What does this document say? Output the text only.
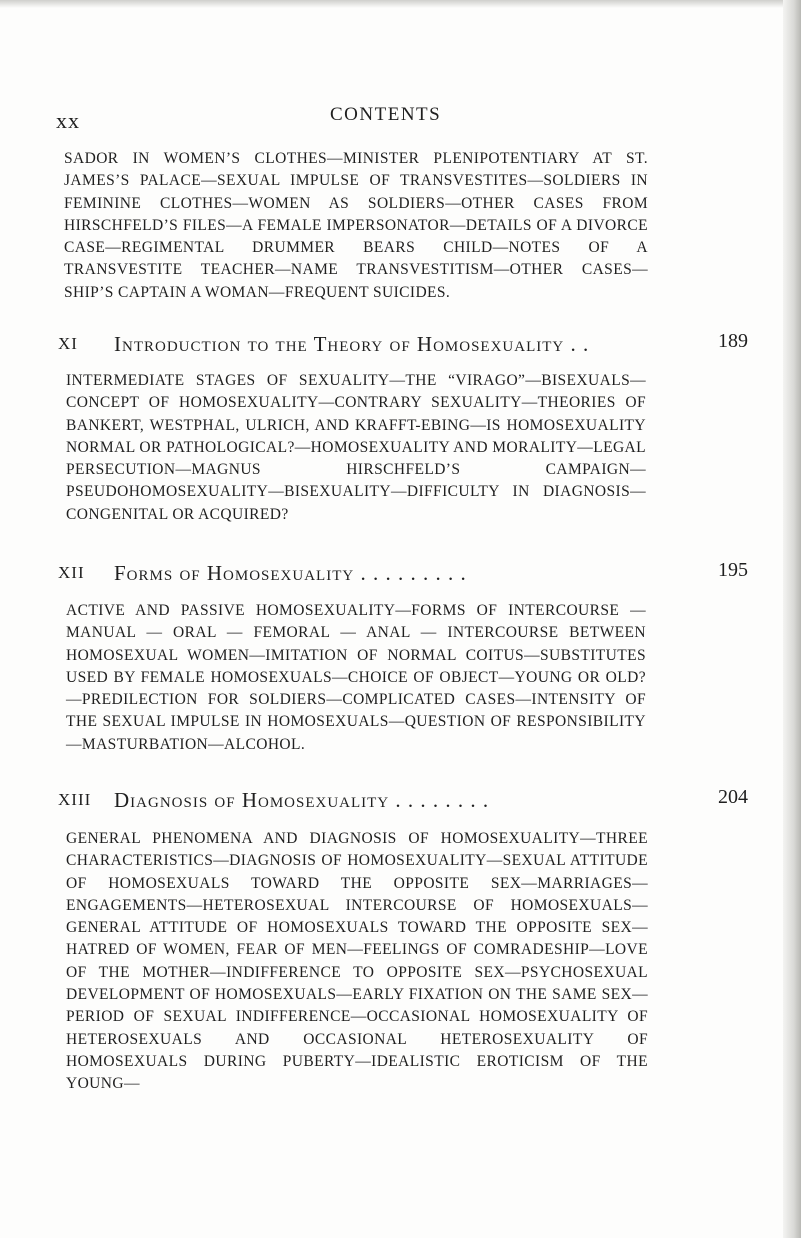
xx	CONTENTS
SADOR IN WOMEN’S CLOTHES—MINISTER PLENIPOTENTIARY AT ST. JAMES’S PALACE—SEXUAL IMPULSE OF TRANSVESTITES—SOLDIERS IN FEMININE CLOTHES—WOMEN AS SOLDIERS—OTHER CASES FROM HIRSCHFELD’S FILES—A FEMALE IMPERSONATOR—DETAILS OF A DIVORCE CASE—REGIMENTAL DRUMMER BEARS CHILD—NOTES OF A TRANSVESTITE TEACHER—NAME TRANSVESTITISM—OTHER CASES—SHIP’S CAPTAIN A WOMAN—FREQUENT SUICIDES.
XI Introduction to the Theory of Homosexuality . .	189
INTERMEDIATE STAGES OF SEXUALITY—THE “VIRAGO”—BISEXUALS—CONCEPT OF HOMOSEXUALITY—CONTRARY SEXUALITY—THEORIES OF BANKERT, WESTPHAL, ULRICH, AND KRAFFT-EBING—IS HOMOSEXUALITY NORMAL OR PATHOLOGICAL?—HOMOSEXUALITY AND MORALITY—LEGAL PERSECUTION—MAGNUS HIRSCHFELD’S CAMPAIGN—PSEUDOHOMOSEXUALITY—BISEXUALITY—DIFFICULTY IN DIAGNOSIS—CONGENITAL OR ACQUIRED?
XII Forms of Homosexuality . . . . . . . . .	195
ACTIVE AND PASSIVE HOMOSEXUALITY—FORMS OF INTERCOURSE — MANUAL — ORAL — FEMORAL — ANAL — INTERCOURSE BETWEEN HOMOSEXUAL WOMEN—IMITATION OF NORMAL COITUS—SUBSTITUTES USED BY FEMALE HOMOSEXUALS—CHOICE OF OBJECT—YOUNG OR OLD?—PREDILECTION FOR SOLDIERS—COMPLICATED CASES—INTENSITY OF THE SEXUAL IMPULSE IN HOMOSEXUALS—QUESTION OF RESPONSIBILITY—MASTURBATION—ALCOHOL.
XIII Diagnosis of Homosexuality . . . . . . . .	204
GENERAL PHENOMENA AND DIAGNOSIS OF HOMOSEXUALITY—THREE CHARACTERISTICS—DIAGNOSIS OF HOMOSEXUALITY—SEXUAL ATTITUDE OF HOMOSEXUALS TOWARD THE OPPOSITE SEX—MARRIAGES—ENGAGEMENTS—HETEROSEXUAL INTERCOURSE OF HOMOSEXUALS—GENERAL ATTITUDE OF HOMOSEXUALS TOWARD THE OPPOSITE SEX—HATRED OF WOMEN, FEAR OF MEN—FEELINGS OF COMRADESHIP—LOVE OF THE MOTHER—INDIFFERENCE TO OPPOSITE SEX—PSYCHOSEXUAL DEVELOPMENT OF HOMOSEXUALS—EARLY FIXATION ON THE SAME SEX—PERIOD OF SEXUAL INDIFFERENCE—OCCASIONAL HOMOSEXUALITY OF HETEROSEXUALS AND OCCASIONAL HETEROSEXUALITY OF HOMOSEXUALS DURING PUBERTY—IDEALISTIC EROTICISM OF THE YOUNG—
